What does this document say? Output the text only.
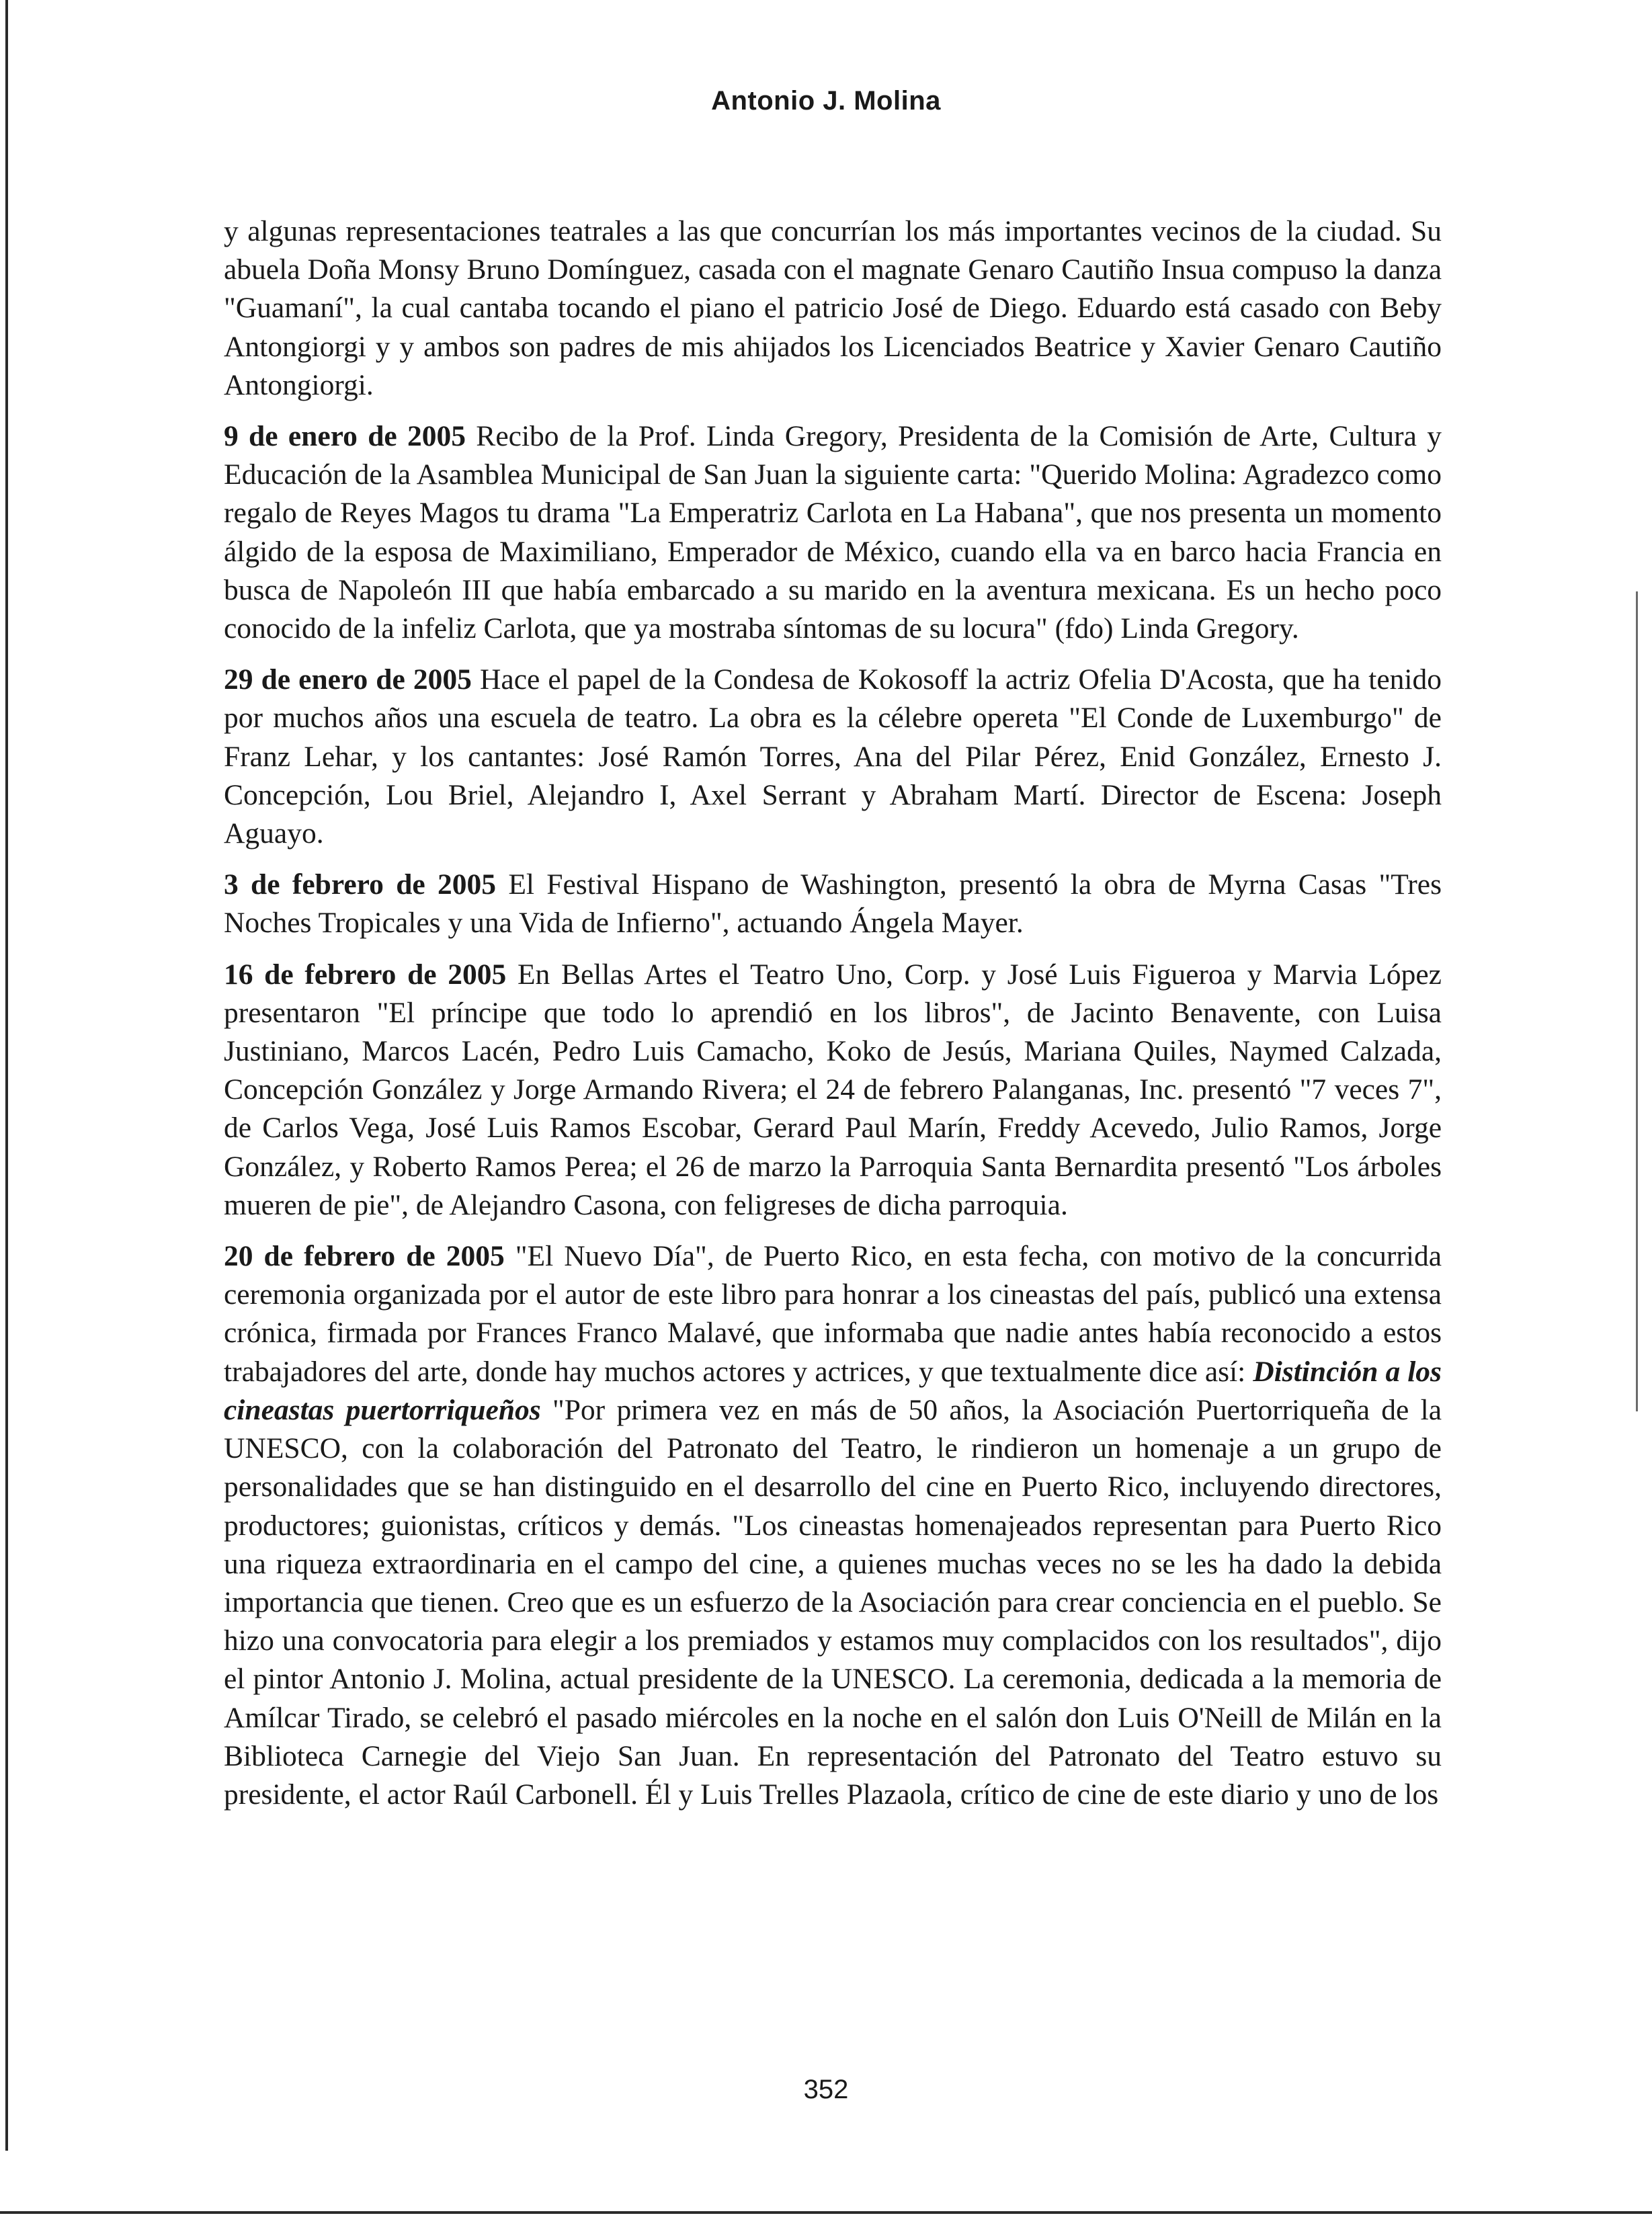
Antonio J. Molina

y algunas representaciones teatrales a las que concurrían los más importantes vecinos de la ciudad. Su abuela Doña Monsy Bruno Domínguez, casada con el magnate Genaro Cautiño Insua compuso la danza "Guamaní", la cual cantaba tocando el piano el patricio José de Diego. Eduardo está casado con Beby Antongiorgi y y ambos son padres de mis ahijados los Licenciados Beatrice y Xavier Genaro Cautiño Antongiorgi.

9 de enero de 2005 Recibo de la Prof. Linda Gregory, Presidenta de la Comisión de Arte, Cultura y Educación de la Asamblea Municipal de San Juan la siguiente carta: "Querido Molina: Agradezco como regalo de Reyes Magos tu drama "La Emperatriz Carlota en La Habana", que nos presenta un momento álgido de la esposa de Maximiliano, Emperador de México, cuando ella va en barco hacia Francia en busca de Napoleón III que había embarcado a su marido en la aventura mexicana. Es un hecho poco conocido de la infeliz Carlota, que ya mostraba síntomas de su locura" (fdo) Linda Gregory.

29 de enero de 2005 Hace el papel de la Condesa de Kokosoff la actriz Ofelia D'Acosta, que ha tenido por muchos años una escuela de teatro. La obra es la célebre opereta "El Conde de Luxemburgo" de Franz Lehar, y los cantantes: José Ramón Torres, Ana del Pilar Pérez, Enid González, Ernesto J. Concepción, Lou Briel, Alejandro I, Axel Serrant y Abraham Martí. Director de Escena: Joseph Aguayo.

3 de febrero de 2005 El Festival Hispano de Washington, presentó la obra de Myrna Casas "Tres Noches Tropicales y una Vida de Infierno", actuando Ángela Mayer.

16 de febrero de 2005 En Bellas Artes el Teatro Uno, Corp. y José Luis Figueroa y Marvia López presentaron "El príncipe que todo lo aprendió en los libros", de Jacinto Benavente, con Luisa Justiniano, Marcos Lacén, Pedro Luis Camacho, Koko de Jesús, Mariana Quiles, Naymed Calzada, Concepción González y Jorge Armando Rivera; el 24 de febrero Palanganas, Inc. presentó "7 veces 7", de Carlos Vega, José Luis Ramos Escobar, Gerard Paul Marín, Freddy Acevedo, Julio Ramos, Jorge González, y Roberto Ramos Perea; el 26 de marzo la Parroquia Santa Bernardita presentó "Los árboles mueren de pie", de Alejandro Casona, con feligreses de dicha parroquia.

20 de febrero de 2005 "El Nuevo Día", de Puerto Rico, en esta fecha, con motivo de la concurrida ceremonia organizada por el autor de este libro para honrar a los cineastas del país, publicó una extensa crónica, firmada por Frances Franco Malavé, que informaba que nadie antes había reconocido a estos trabajadores del arte, donde hay muchos actores y actrices, y que textualmente dice así: Distinción a los cineastas puertorriqueños "Por primera vez en más de 50 años, la Asociación Puertorriqueña de la UNESCO, con la colaboración del Patronato del Teatro, le rindieron un homenaje a un grupo de personalidades que se han distinguido en el desarrollo del cine en Puerto Rico, incluyendo directores, productores; guionistas, críticos y demás. "Los cineastas homenajeados representan para Puerto Rico una riqueza extraordinaria en el campo del cine, a quienes muchas veces no se les ha dado la debida importancia que tienen. Creo que es un esfuerzo de la Asociación para crear conciencia en el pueblo. Se hizo una convocatoria para elegir a los premiados y estamos muy complacidos con los resultados", dijo el pintor Antonio J. Molina, actual presidente de la UNESCO. La ceremonia, dedicada a la memoria de Amílcar Tirado, se celebró el pasado miércoles en la noche en el salón don Luis O'Neill de Milán en la Biblioteca Carnegie del Viejo San Juan. En representación del Patronato del Teatro estuvo su presidente, el actor Raúl Carbonell. Él y Luis Trelles Plazaola, crítico de cine de este diario y uno de los

352
